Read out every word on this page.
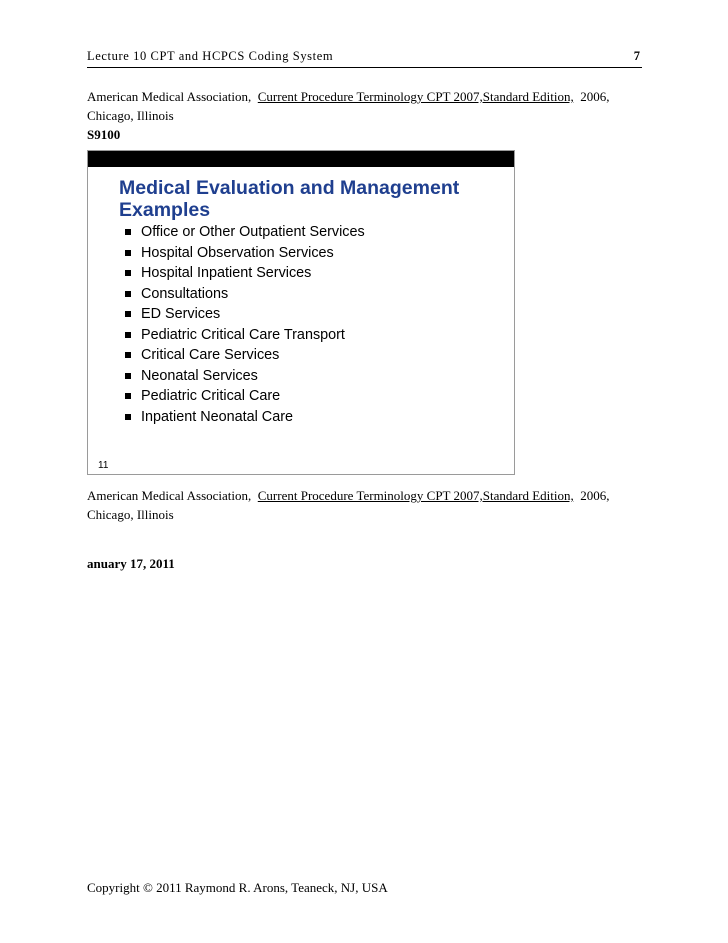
Lecture 10 CPT and HCPCS Coding System	7
American Medical Association, Current Procedure Terminology CPT 2007,Standard Edition, 2006,
Chicago, Illinois
S9100
Medical Evaluation and Management
Examples
Office or Other Outpatient Services
Hospital Observation Services
Hospital Inpatient Services
Consultations
ED Services
Pediatric Critical Care Transport
Critical Care Services
Neonatal Services
Pediatric Critical Care
Inpatient Neonatal Care
11
American Medical Association, Current Procedure Terminology CPT 2007,Standard Edition, 2006,
Chicago, Illinois
anuary 17, 2011
Copyright © 2011 Raymond R. Arons, Teaneck, NJ, USA
